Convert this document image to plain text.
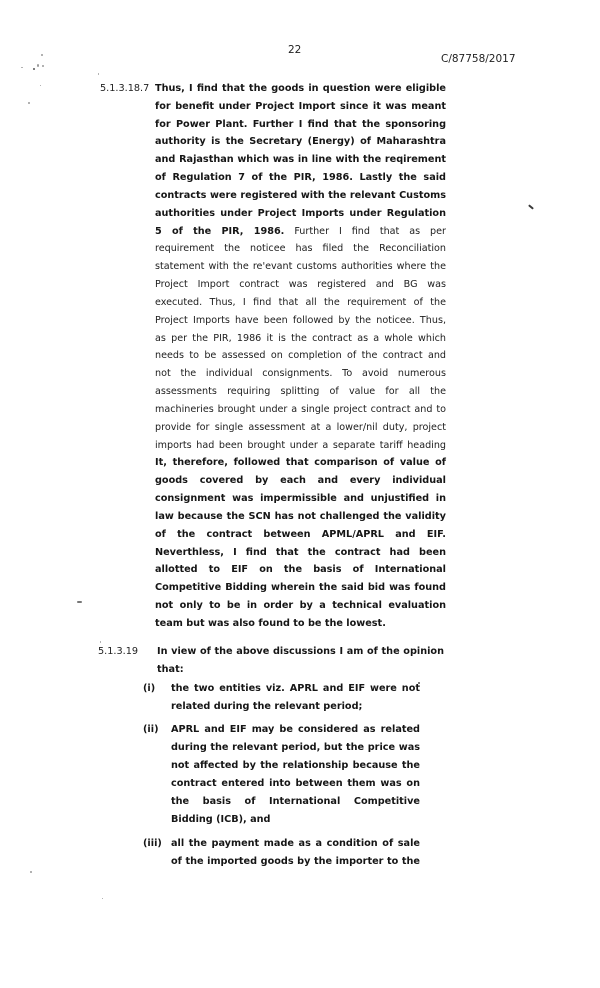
22
C/87758/2017
5.1.3.18.7 Thus, I find that the goods in question were eligible
for benefit under Project Import since it was meant
for Power Plant. Further I find that the sponsoring
authority is the Secretary (Energy) of Maharashtra
and Rajasthan which was in line with the reqirement
of Regulation 7 of the PIR, 1986. Lastly the said
contracts were registered with the relevant Customs
authorities under Project Imports under Regulation
5 of the PIR, 1986. Further I find that as per
requirement the noticee has filed the Reconciliation
statement with the re'evant customs authorities where the
Project Import contract was registered and BG was
executed. Thus, I find that all the requirement of the
Project Imports have been followed by the noticee. Thus,
as per the PIR, 1986 it is the contract as a whole which
needs to be assessed on completion of the contract and
not the individual consignments. To avoid numerous
assessments requiring splitting of value for all the
machineries brought under a single project contract and to
provide for single assessment at a lower/nil duty, project
imports had been brought under a separate tariff heading
It, therefore, followed that comparison of value of
goods covered by each and every individual
consignment was impermissible and unjustified in
law because the SCN has not challenged the validity
of the contract between APML/APRL and EIF.
Neverthless, I find that the contract had been
allotted to EIF on the basis of International
Competitive Bidding wherein the said bid was found
not only to be in order by a technical evaluation
team but was also found to be the lowest.
5.1.3.19 In view of the above discussions I am of the opinion
that:
(i) the two entities viz. APRL and EIF were not
related during the relevant period;
(ii) APRL and EIF may be considered as related
during the relevant period, but the price was
not affected by the relationship because the
contract entered into between them was on
the basis of International Competitive
Bidding (ICB), and
(iii) all the payment made as a condition of sale
of the imported goods by the importer to the
